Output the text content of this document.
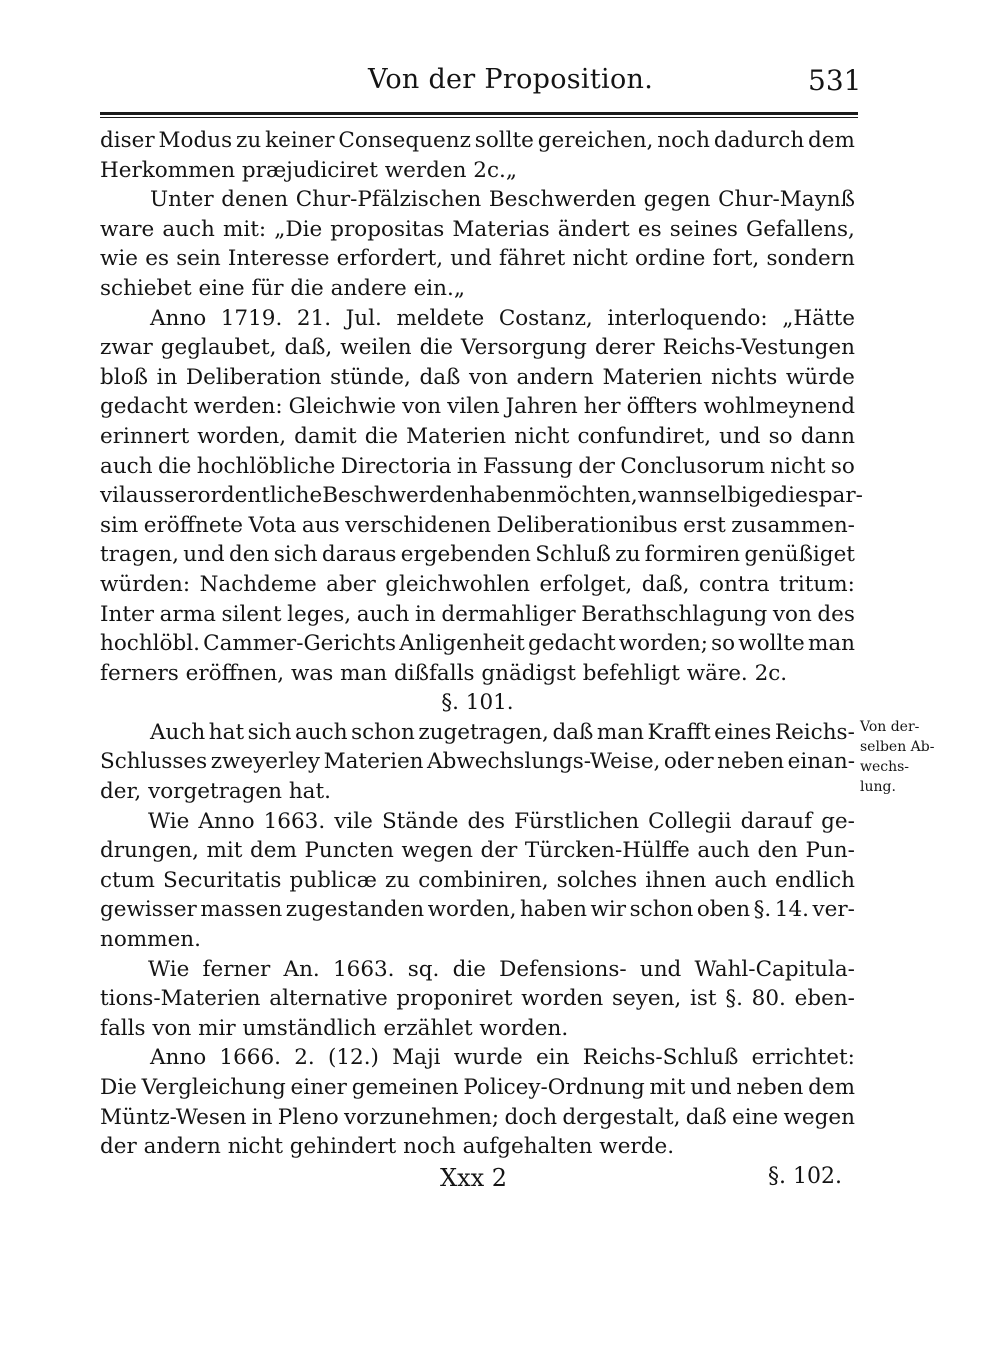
Von der Proposition.	531
diser Modus zu keiner Consequenz sollte gereichen, noch dadurch dem
Herkommen præjudiciret werden 2c.„
Unter denen Chur-Pfälzischen Beschwerden gegen Chur-Maynß
ware auch mit: „Die propositas Materias ändert es seines Gefallens,
wie es sein Interesse erfordert, und fähret nicht ordine fort, sondern
schiebet eine für die andere ein.„
Anno 1719. 21. Jul. meldete Costanz, interloquendo: „Hätte
zwar geglaubet, daß, weilen die Versorgung derer Reichs-Vestungen
bloß in Deliberation stünde, daß von andern Materien nichts würde
gedacht werden: Gleichwie von vilen Jahren her öffters wohlmeynend
erinnert worden, damit die Materien nicht confundiret, und so dann
auch die hochlöbliche Directoria in Fassung der Conclusorum nicht so
vil ausserordentliche Beschwerden haben möchten, wann selbige die spar-
sim eröffnete Vota aus verschidenen Deliberationibus erst zusammen-
tragen, und den sich daraus ergebenden Schluß zu formiren genüßiget
würden: Nachdeme aber gleichwohlen erfolget, daß, contra tritum:
Inter arma silent leges, auch in dermahliger Berathschlagung von des
hochlöbl. Cammer-Gerichts Anligenheit gedacht worden; so wollte man
ferners eröffnen, was man dißfalls gnädigst befehligt wäre. 2c.
§. 101.
Auch hat sich auch schon zugetragen, daß man Krafft eines Reichs-
Schlusses zweyerley Materien Abwechslungs-Weise, oder neben einan-
der, vorgetragen hat.
Wie Anno 1663. vile Stände des Fürstlichen Collegii darauf ge-
drungen, mit dem Puncten wegen der Türcken-Hülffe auch den Pun-
ctum Securitatis publicæ zu combiniren, solches ihnen auch endlich
gewisser massen zugestanden worden, haben wir schon oben §. 14. ver-
nommen.
Wie ferner An. 1663. sq. die Defensions- und Wahl-Capitula-
tions-Materien alternative proponiret worden seyen, ist §. 80. eben-
falls von mir umständlich erzählet worden.
Anno 1666. 2. (12.) Maji wurde ein Reichs-Schluß errichtet:
Die Vergleichung einer gemeinen Policey-Ordnung mit und neben dem
Müntz-Wesen in Pleno vorzunehmen; doch dergestalt, daß eine wegen
der andern nicht gehindert noch aufgehalten werde.
Von der-
selben Ab-
wechs-
lung.
Xxx 2	§. 102.
